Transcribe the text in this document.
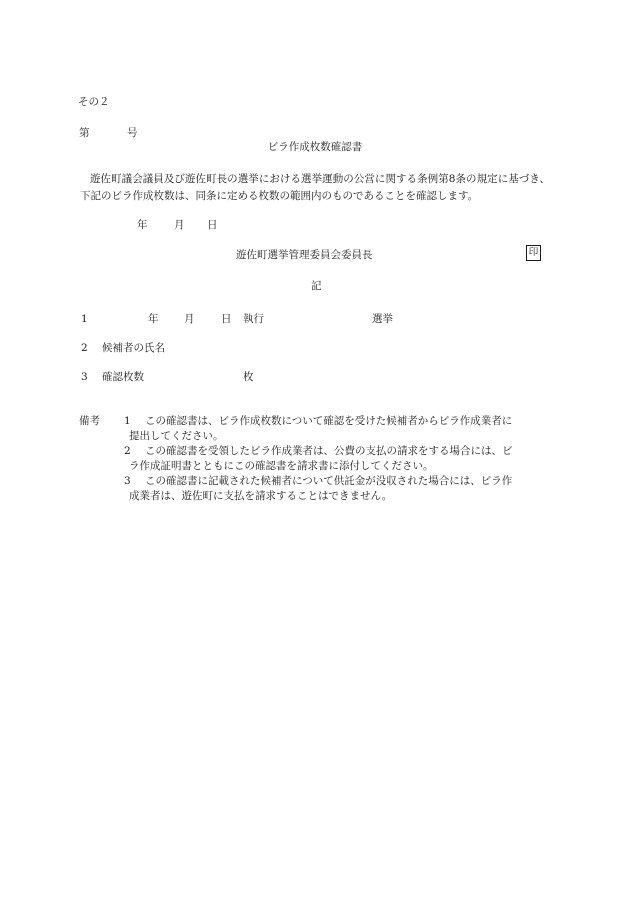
その２
第	号
ビラ作成枚数確認書
遊佐町議会議員及び遊佐町長の選挙における選挙運動の公営に関する条例第8条の規定に基づき、下記のビラ作成枚数は、同条に定める枚数の範囲内のものであることを確認します。
年	月 日
遊佐町選挙管理委員会委員長	印
記
1	年 月	日 執行	選挙
2 候補者の氏名
3 確認枚数	枚
備考 1	この確認書は、ビラ作成枚数について確認を受けた候補者からビラ作成業者に
提出してください。
2	この確認書を受領したビラ作成業者は、公費の支払の請求をする場合には、ビ
ラ作成証明書とともにこの確認書を請求書に添付してください。
3	この確認書に記載された候補者について供託金が没収された場合には、ビラ作
成業者は、遊佐町に支払を請求することはできません。
